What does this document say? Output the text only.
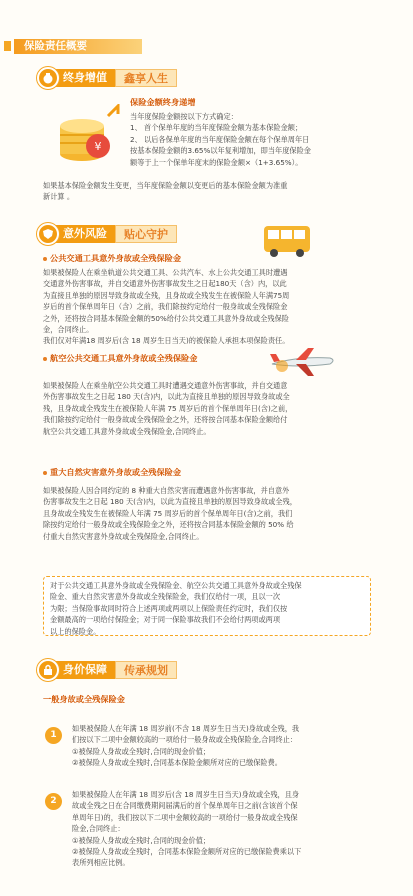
保险责任概要
终身增值	鑫享人生
¥
保险金额终身递增
当年度保险金额按以下方式确定：
1、 首个保单年度的当年度保险金额为基本保险金额；
2、 以后各保单年度的当年度保险金额在每个保单周年日
按基本保险金额的3.65%以年复利增加，即当年度保险金
额等于上一个保单年度末的保险金额×（1+3.65%）。
如果基本保险金额发生变更，当年度保险金额以变更后的基本保险金额为准重
新计算 。
意外风险	贴心守护
公共交通工具意外身故或全残保险金
如果被保险人在乘坐轨道公共交通工具、公共汽车、水上公共交通工具时遭遇
交通意外伤害事故，并自交通意外伤害事故发生之日起180天（含）内，以此
为直接且单独的原因导致身故或全残，且身故或全残发生在被保险人年满75周
岁后的首个保单周年日（含）之前，我们除按约定给付一般身故或全残保险金
之外，还将按合同基本保险金额的50%给付公共交通工具意外身故或全残保险
金，合同终止。
我们仅对年满18 周岁后(含 18 周岁生日当天)的被保险人承担本项保险责任。
航空公共交通工具意外身故或全残保险金
如果被保险人在乘坐航空公共交通工具时遭遇交通意外伤害事故，并自交通意
外伤害事故发生之日起 180 天(含)内，以此为直接且单独的原因导致身故或全
残，且身故或全残发生在被保险人年满 75 周岁后的首个保单周年日(含)之前，
我们除按约定给付一般身故或全残保险金之外，还将按合同基本保险金额给付
航空公共交通工具意外身故或全残保险金,合同终止。
重大自然灾害意外身故或全残保险金
如果被保险人因合同约定的 8 种重大自然灾害而遭遇意外伤害事故，并自意外
伤害事故发生之日起 180 天(含)内，以此为直接且单独的原因导致身故或全残，
且身故或全残发生在被保险人年满 75 周岁后的首个保单周年日(含)之前，我们
除按约定给付一般身故或全残保险金之外，还将按合同基本保险金额的 50% 给
付重大自然灾害意外身故或全残保险金,合同终止。
对于公共交通工具意外身故或全残保险金、航空公共交通工具意外身故或全残保
险金、重大自然灾害意外身故或全残保险金，我们仅给付一项，且以一次
为限；当保险事故同时符合上述两项或两项以上保险责任约定时，我们仅按
金额最高的一项给付保险金；对于同一保险事故我们不会给付两项或两项
以上的保险金。
身价保障	传承规划
一般身故或全残保险金
1
如果被保险人在年满 18 周岁前(不含 18 周岁生日当天)身故或全残，我
们按以下二项中金额较高的一项给付一般身故或全残保险金,合同终止：
①被保险人身故或全残时,合同的现金价值；
②被保险人身故或全残时,合同基本保险金额所对应的已缴保险费。
2
如果被保险人在年满 18 周岁后(含 18 周岁生日当天)身故或全残，且身
故或全残之日在合同缴费期间届满后的首个保单周年日之前(含该首个保
单周年日)的，我们按以下二项中金额较高的一项给付一般身故或全残保
险金,合同终止：
①被保险人身故或全残时,合同的现金价值；
②被保险人身故或全残时，合同基本保险金额所对应的已缴保险费乘以下
表所列相应比例。
